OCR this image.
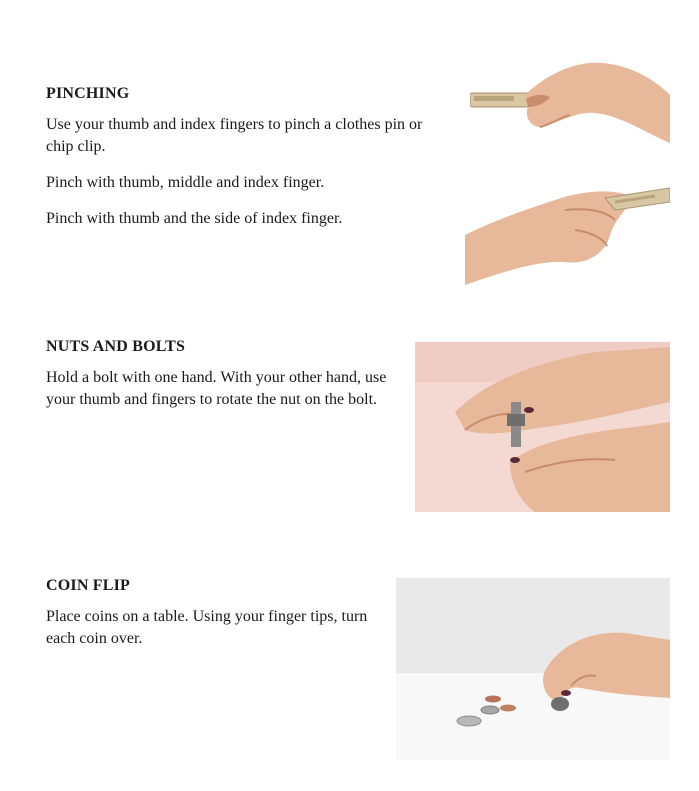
PINCHING

Use your thumb and index fingers to pinch a clothes pin or chip clip.

Pinch with thumb, middle and index finger.

Pinch with thumb and the side of index finger.

NUTS AND BOLTS

Hold a bolt with one hand. With your other hand, use your thumb and fingers to rotate the nut on the bolt.

COIN FLIP

Place coins on a table. Using your finger tips, turn each coin over.
